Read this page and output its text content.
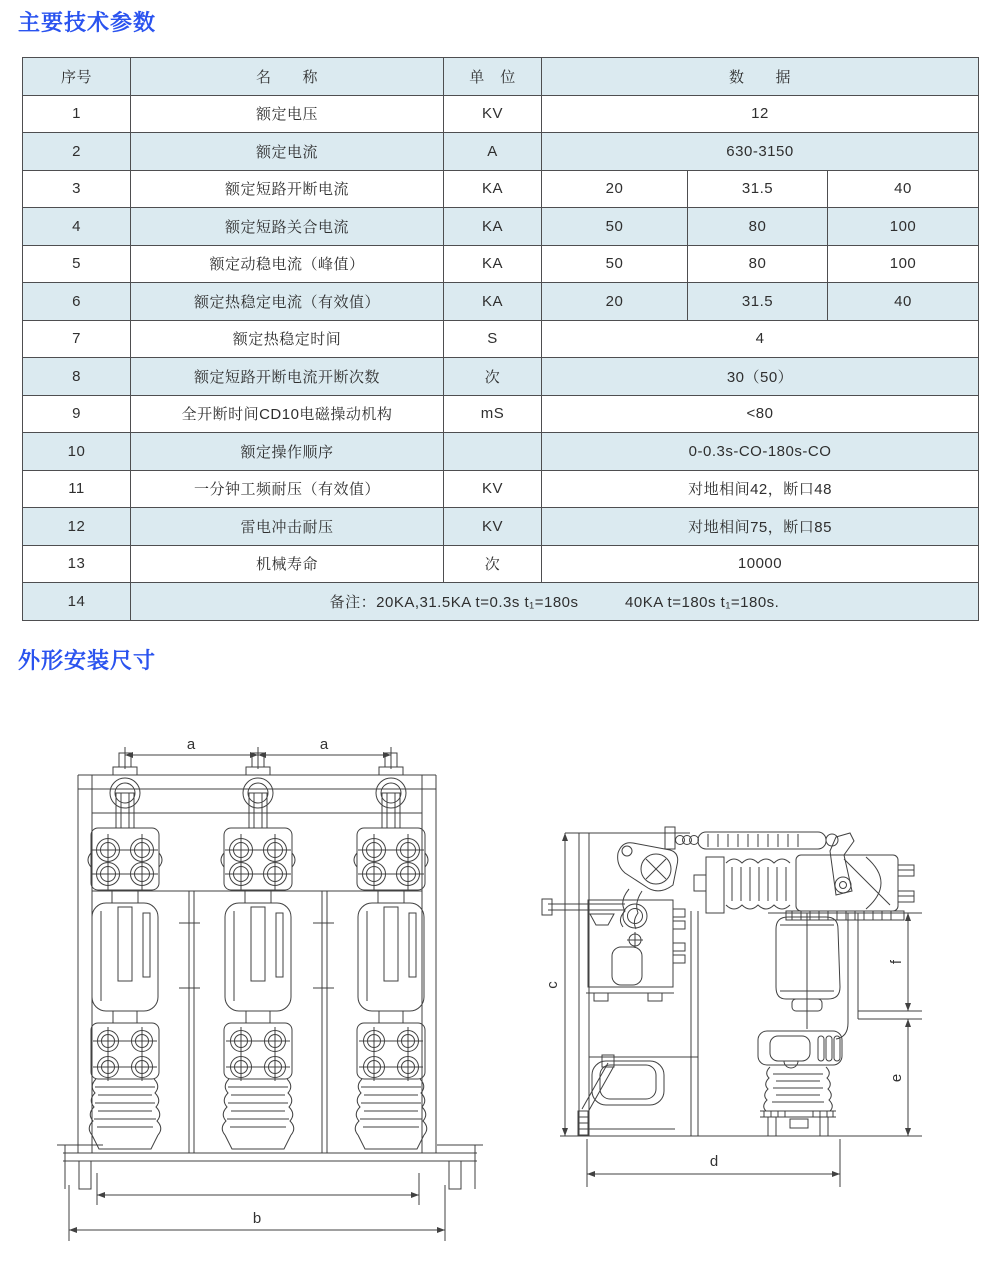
主要技术参数
序号	名　　称	单　位	数　　据		
1	额定电压	KV	12		
2	额定电流	A	630-3150		
3	额定短路开断电流	KA	20	31.5	40
4	额定短路关合电流	KA	50	80	100
5	额定动稳电流（峰值）	KA	50	80	100
6	额定热稳定电流（有效值）	KA	20	31.5	40
7	额定热稳定时间	S	4		
8	额定短路开断电流开断次数	次	30（50）		
9	全开断时间CD10电磁操动机构	mS	<80		
10	额定操作顺序		0-0.3s-CO-180s-CO		
11	一分钟工频耐压（有效值）	KV	对地相间42，断口48		
12	雷电冲击耐压	KV	对地相间75，断口85		
13	机械寿命	次	10000		
14	备注：20KA,31.5KA t=0.3s t₁=180s　　　40KA t=180s t₁=180s.				
外形安装尺寸
a	a
b
c
f
e
d
